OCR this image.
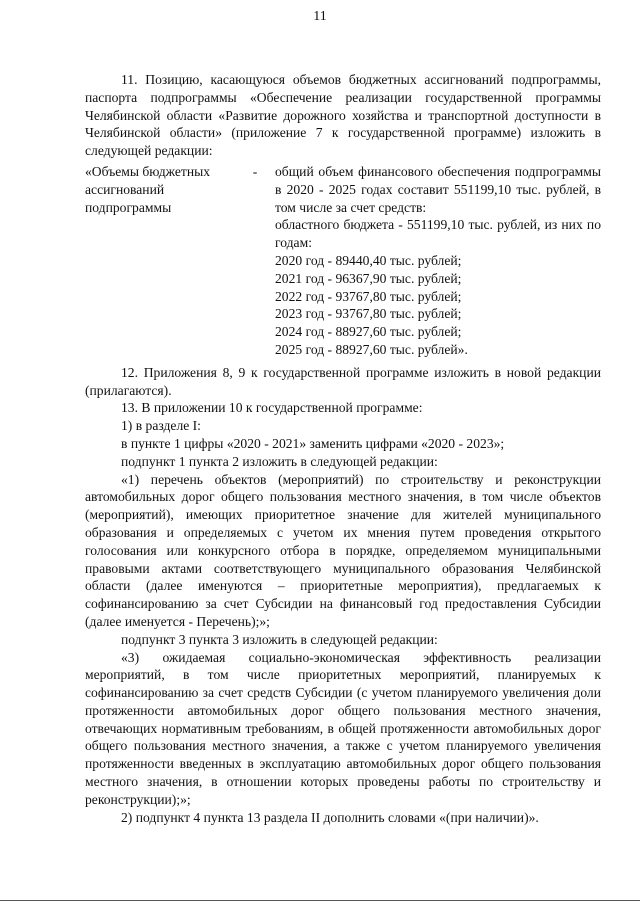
11

11. Позицию, касающуюся объемов бюджетных ассигнований подпрограммы, паспорта подпрограммы «Обеспечение реализации государственной программы Челябинской области «Развитие дорожного хозяйства и транспортной доступности в Челябинской области» (приложение 7 к государственной программе) изложить в следующей редакции:

«Объемы бюджетных ассигнований подпрограммы
-	общий объем финансового обеспечения подпрограммы в 2020 - 2025 годах составит 551199,10 тыс. рублей, в том числе за счет средств:

областного бюджета - 551199,10 тыс. рублей, из них по годам:

2020 год - 89440,40 тыс. рублей;
2021 год - 96367,90 тыс. рублей;
2022 год - 93767,80 тыс. рублей;
2023 год - 93767,80 тыс. рублей;
2024 год - 88927,60 тыс. рублей;
2025 год - 88927,60 тыс. рублей».

12. Приложения 8, 9 к государственной программе изложить в новой редакции (прилагаются).

13. В приложении 10 к государственной программе:

1) в разделе I:

в пункте 1 цифры «2020 - 2021» заменить цифрами «2020 - 2023»;

подпункт 1 пункта 2 изложить в следующей редакции:

«1) перечень объектов (мероприятий) по строительству и реконструкции автомобильных дорог общего пользования местного значения, в том числе объектов (мероприятий), имеющих приоритетное значение для жителей муниципального образования и определяемых с учетом их мнения путем проведения открытого голосования или конкурсного отбора в порядке, определяемом муниципальными правовыми актами соответствующего муниципального образования Челябинской области (далее именуются – приоритетные мероприятия), предлагаемых к софинансированию за счет Субсидии на финансовый год предоставления Субсидии (далее именуется - Перечень);»;

подпункт 3 пункта 3 изложить в следующей редакции:

«3) ожидаемая социально-экономическая эффективность реализации мероприятий, в том числе приоритетных мероприятий, планируемых к софинансированию за счет средств Субсидии (с учетом планируемого увеличения доли протяженности автомобильных дорог общего пользования местного значения, отвечающих нормативным требованиям, в общей протяженности автомобильных дорог общего пользования местного значения, а также с учетом планируемого увеличения протяженности введенных в эксплуатацию автомобильных дорог общего пользования местного значения, в отношении которых проведены работы по строительству и реконструкции);»;

2) подпункт 4 пункта 13 раздела II дополнить словами «(при наличии)».
